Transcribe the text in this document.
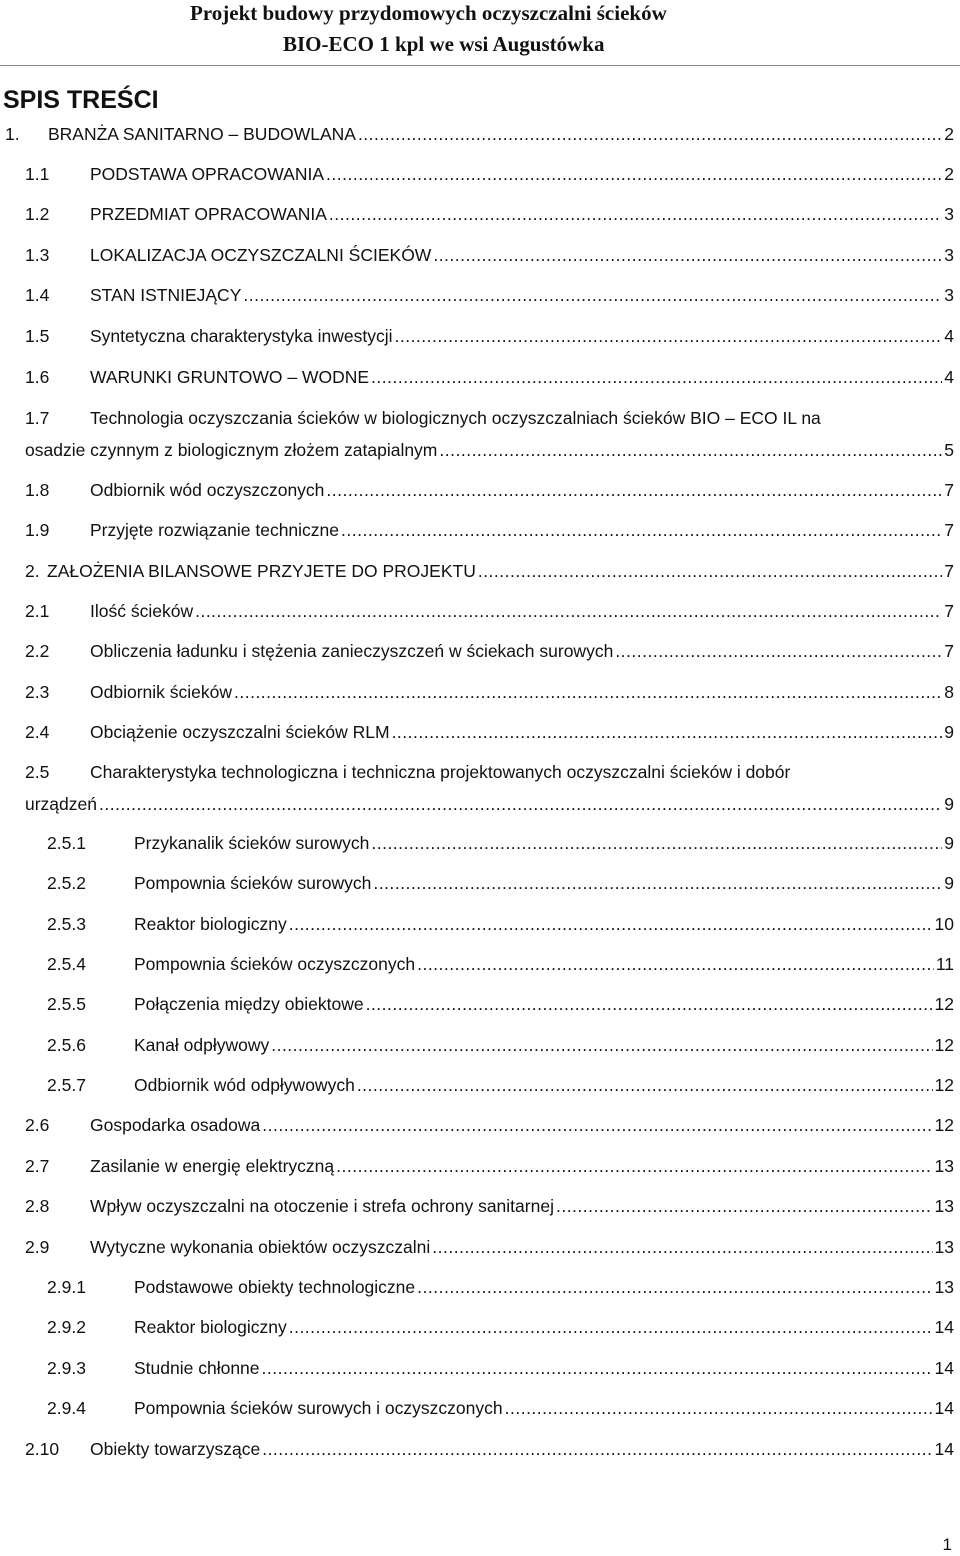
Projekt budowy przydomowych oczyszczalni ścieków
BIO-ECO 1 kpl we wsi Augustówka
SPIS TREŚCI
1. BRANŻA SANITARNO – BUDOWLANA .....	2
1.1 PODSTAWA OPRACOWANIA .....	2
1.2 PRZEDMIAT OPRACOWANIA .....	3
1.3 LOKALIZACJA OCZYSZCZALNI ŚCIEKÓW .....	3
1.4 STAN ISTNIEJĄCY .....	3
1.5 Syntetyczna charakterystyka inwestycji .....	4
1.6 WARUNKI GRUNTOWO – WODNE .....	4
1.7 Technologia oczyszczania ścieków w biologicznych oczyszczalniach ścieków BIO – ECO IL na
osadzie czynnym z biologicznym złożem zatapialnym .....	5
1.8 Odbiornik wód oczyszczonych .....	7
1.9 Przyjęte rozwiązanie techniczne .....	7
2. ZAŁOŻENIA BILANSOWE PRZYJETE DO PROJEKTU .....	7
2.1 Ilość ścieków .....	7
2.2 Obliczenia ładunku i stężenia zanieczyszczeń w ściekach surowych .....	7
2.3 Odbiornik ścieków .....	8
2.4 Obciążenie oczyszczalni ścieków RLM .....	9
2.5 Charakterystyka technologiczna i techniczna projektowanych oczyszczalni ścieków i dobór
urządzeń .....	9
2.5.1	Przykanalik ścieków surowych .....	9
2.5.2	Pompownia ścieków surowych .....	9
2.5.3	Reaktor biologiczny .....	10
2.5.4	Pompownia ścieków oczyszczonych .....	11
2.5.5	Połączenia między obiektowe .....	12
2.5.6	Kanał odpływowy .....	12
2.5.7	Odbiornik wód odpływowych .....	12
2.6 Gospodarka osadowa .....	12
2.7 Zasilanie w energię elektryczną .....	13
2.8 Wpływ oczyszczalni na otoczenie i strefa ochrony sanitarnej .....	13
2.9 Wytyczne wykonania obiektów oczyszczalni .....	13
2.9.1	Podstawowe obiekty technologiczne .....	13
2.9.2	Reaktor biologiczny .....	14
2.9.3	Studnie chłonne .....	14
2.9.4	Pompownia ścieków surowych i oczyszczonych .....	14
2.10 Obiekty towarzyszące .....	14
1
